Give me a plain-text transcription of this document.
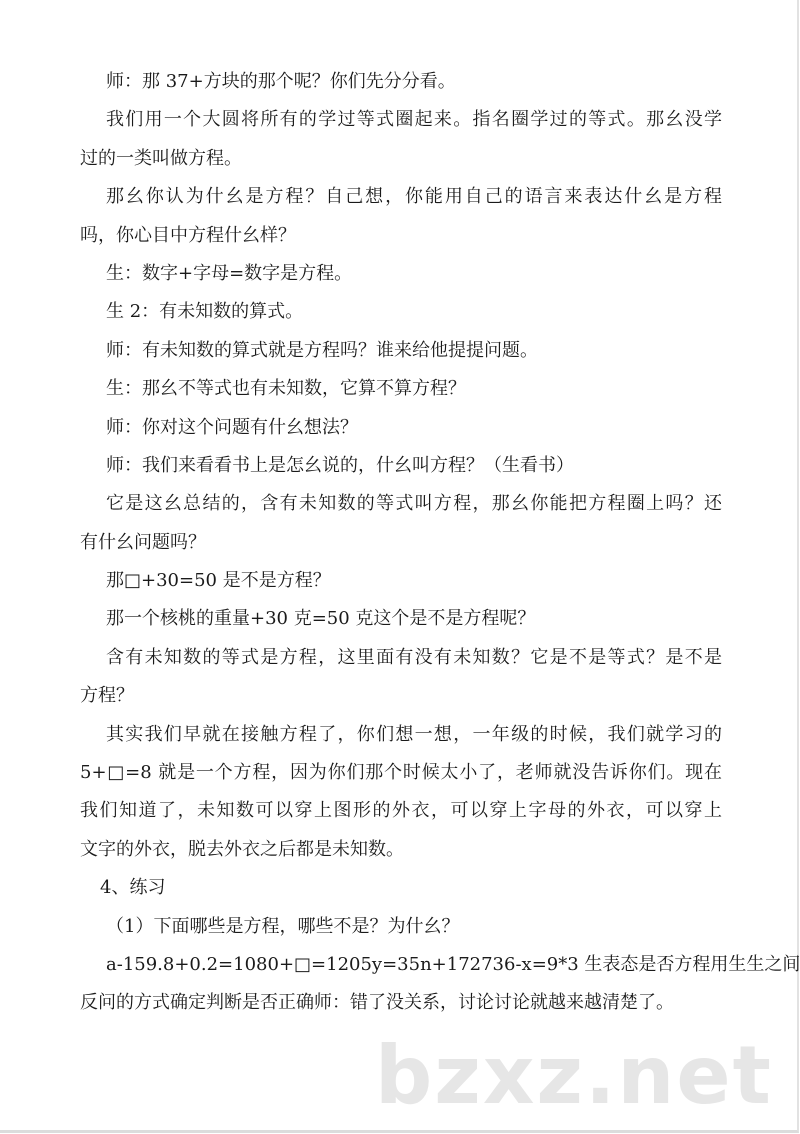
bzxz.net
师：那 37+方块的那个呢？你们先分分看。
我们用一个大圆将所有的学过等式圈起来。指名圈学过的等式。那幺没学
过的一类叫做方程。
那幺你认为什幺是方程？自己想，你能用自己的语言来表达什幺是方程
吗，你心目中方程什幺样？
生：数字+字母=数字是方程。
生 2：有未知数的算式。
师：有未知数的算式就是方程吗？谁来给他提提问题。
生：那幺不等式也有未知数，它算不算方程？
师：你对这个问题有什幺想法？
师：我们来看看书上是怎幺说的，什幺叫方程？（生看书）
它是这幺总结的，含有未知数的等式叫方程，那幺你能把方程圈上吗？还
有什幺问题吗？
那□+30=50 是不是方程？
那一个核桃的重量+30 克=50 克这个是不是方程呢？
含有未知数的等式是方程，这里面有没有未知数？它是不是等式？是不是
方程？
其实我们早就在接触方程了，你们想一想，一年级的时候，我们就学习的
5+□=8 就是一个方程，因为你们那个时候太小了，老师就没告诉你们。现在
我们知道了，未知数可以穿上图形的外衣，可以穿上字母的外衣，可以穿上
文字的外衣，脱去外衣之后都是未知数。
4、练习
（1）下面哪些是方程，哪些不是？为什幺？
a-159.8+0.2=1080+□=1205y=35n+172736-x=9*3 生表态是否方程用生生之间
反问的方式确定判断是否正确师：错了没关系，讨论讨论就越来越清楚了。
